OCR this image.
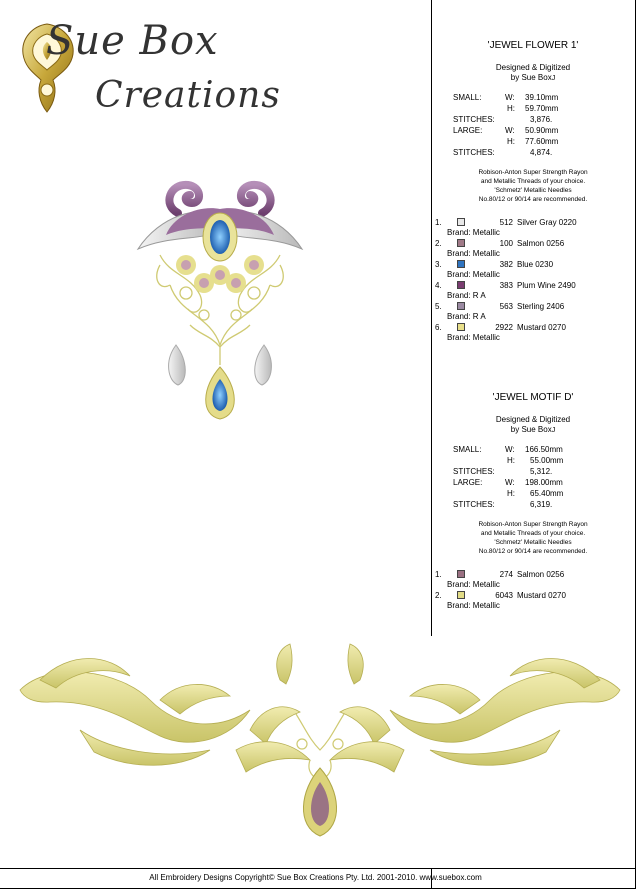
Sue Box
Creations
'JEWEL FLOWER 1'
Designed & Digitized
by Sue BoxJ
SMALL:	W: 39.10mm
H: 59.70mm
STITCHES:	3,876.
LARGE:	W: 50.90mm
H: 77.60mm
STITCHES:	4,874.
Robison-Anton Super Strength Rayon
and Metallic Threads of your choice.
'Schmetz' Metallic Needles
No.80/12 or 90/14 are recommended.
1.	512 Silver Gray 0220
Brand: Metallic
2.	100 Salmon 0256
Brand: Metallic
3.	382 Blue 0230
Brand: Metallic
4.	383 Plum Wine 2490
Brand: R A
5.	563 Sterling 2406
Brand: R A
6.	2922 Mustard 0270
Brand: Metallic
'JEWEL MOTIF D'
Designed & Digitized
by Sue BoxJ
SMALL:	W: 166.50mm
H: 55.00mm
STITCHES:	5,312.
LARGE:	W: 198.00mm
H: 65.40mm
STITCHES:	6,319.
Robison-Anton Super Strength Rayon
and Metallic Threads of your choice.
'Schmetz' Metallic Needles
No.80/12 or 90/14 are recommended.
1.	274 Salmon 0256
Brand: Metallic
2.	6043 Mustard 0270
Brand: Metallic
All Embroidery Designs Copyright© Sue Box Creations Pty. Ltd. 2001-2010. www.suebox.com
